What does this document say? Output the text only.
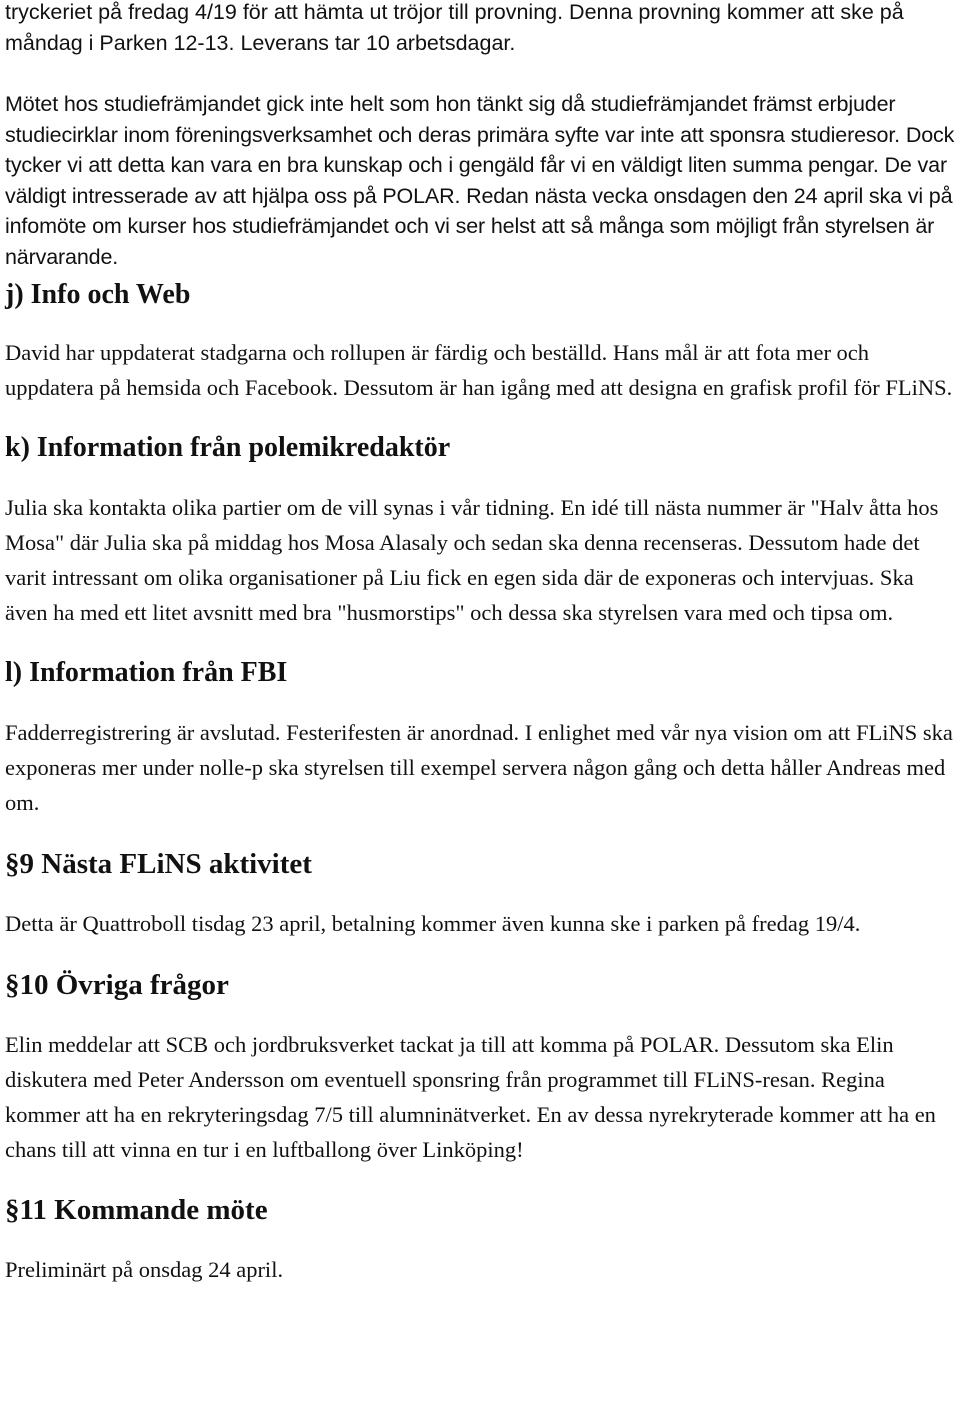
tryckeriet på fredag 4/19 för att hämta ut tröjor till provning. Denna provning kommer att ske på måndag i Parken 12-13. Leverans tar 10 arbetsdagar.

Mötet hos studiefrämjandet gick inte helt som hon tänkt sig då studiefrämjandet främst erbjuder studiecirklar inom föreningsverksamhet och deras primära syfte var inte att sponsra studieresor. Dock tycker vi att detta kan vara en bra kunskap och i gengäld får vi en väldigt liten summa pengar. De var väldigt intresserade av att hjälpa oss på POLAR. Redan nästa vecka onsdagen den 24 april ska vi på infomöte om kurser hos studiefrämjandet och vi ser helst att så många som möjligt från styrelsen är närvarande.

j) Info och Web

David har uppdaterat stadgarna och rollupen är färdig och beställd. Hans mål är att fota mer och uppdatera på hemsida och Facebook. Dessutom är han igång med att designa en grafisk profil för FLiNS.

k) Information från polemikredaktör

Julia ska kontakta olika partier om de vill synas i vår tidning. En idé till nästa nummer är "Halv åtta hos Mosa" där Julia ska på middag hos Mosa Alasaly och sedan ska denna recenseras. Dessutom hade det varit intressant om olika organisationer på Liu fick en egen sida där de exponeras och intervjuas. Ska även ha med ett litet avsnitt med bra "husmorstips" och dessa ska styrelsen vara med och tipsa om.

l) Information från FBI

Fadderregistrering är avslutad. Festerifesten är anordnad. I enlighet med vår nya vision om att FLiNS ska exponeras mer under nolle-p ska styrelsen till exempel servera någon gång och detta håller Andreas med om.

§9 Nästa FLiNS aktivitet

Detta är Quattroboll tisdag 23 april, betalning kommer även kunna ske i parken på fredag 19/4.

§10 Övriga frågor

Elin meddelar att SCB och jordbruksverket tackat ja till att komma på POLAR. Dessutom ska Elin diskutera med Peter Andersson om eventuell sponsring från programmet till FLiNS-resan. Regina kommer att ha en rekryteringsdag 7/5 till alumninätverket. En av dessa nyrekryterade kommer att ha en chans till att vinna en tur i en luftballong över Linköping!

§11 Kommande möte

Preliminärt på onsdag 24 april.
